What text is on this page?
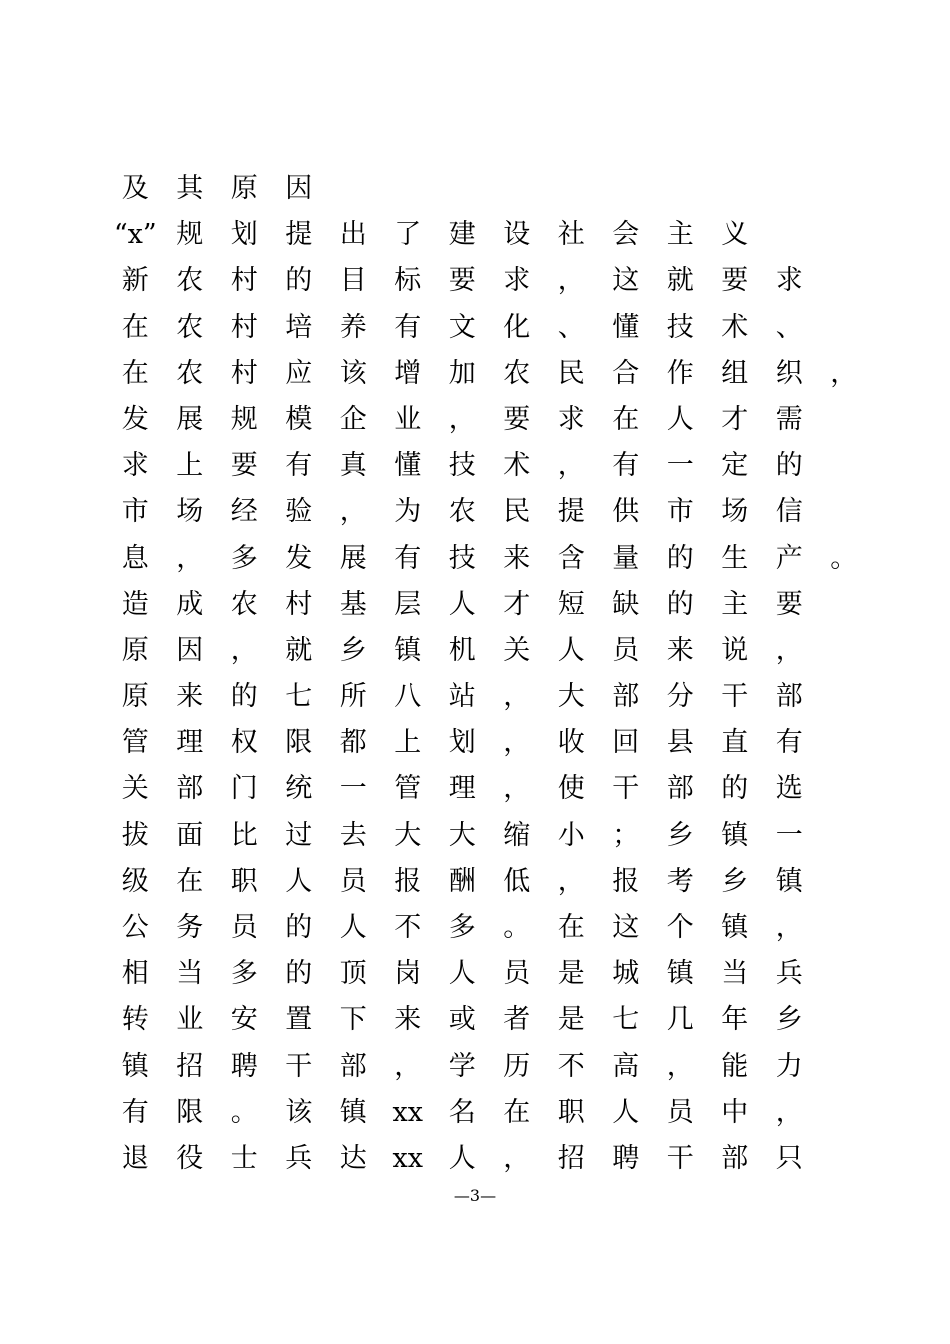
及	其	原	因
“x” 规	划	提	出	了	建	设	社	会	主	义
新	农	村	的	目	标	要	求	，	这	就	要	求
在	农	村	培	养	有	文	化	、	懂	技	术	、
在	农	村	应	该	增	加	农	民	合	作	组	织	，
发	展	规	模	企	业	，	要	求	在	人	才	需
求	上	要	有	真	懂	技	术	，	有	一	定	的
市	场	经	验	，	为	农	民	提	供	市	场	信
息	，	多	发	展	有	技	来	含	量	的	生	产	。
造	成	农	村	基	层	人	才	短	缺	的	主	要
原	因	，	就	乡	镇	机	关	人	员	来	说	，
原	来	的	七	所	八	站	，	大	部	分	干	部
管	理	权	限	都	上	划	，	收	回	县	直	有
关	部	门	统	一	管	理	，	使	干	部	的	选
拔	面	比	过	去	大	大	缩	小	；	乡	镇	一
级	在	职	人	员	报	酬	低	，	报	考	乡	镇
公	务	员	的	人	不	多	。	在	这	个	镇	，
相	当	多	的	顶	岗	人	员	是	城	镇	当	兵
转	业	安	置	下	来	或	者	是	七	几	年	乡
镇	招	聘	干	部	，	学	历	不	高	，	能	力
有	限	。	该	镇 xx 名	在	职	人	员	中	，
退	役	士	兵	达 xx 人	，	招	聘	干	部	只
—3—
